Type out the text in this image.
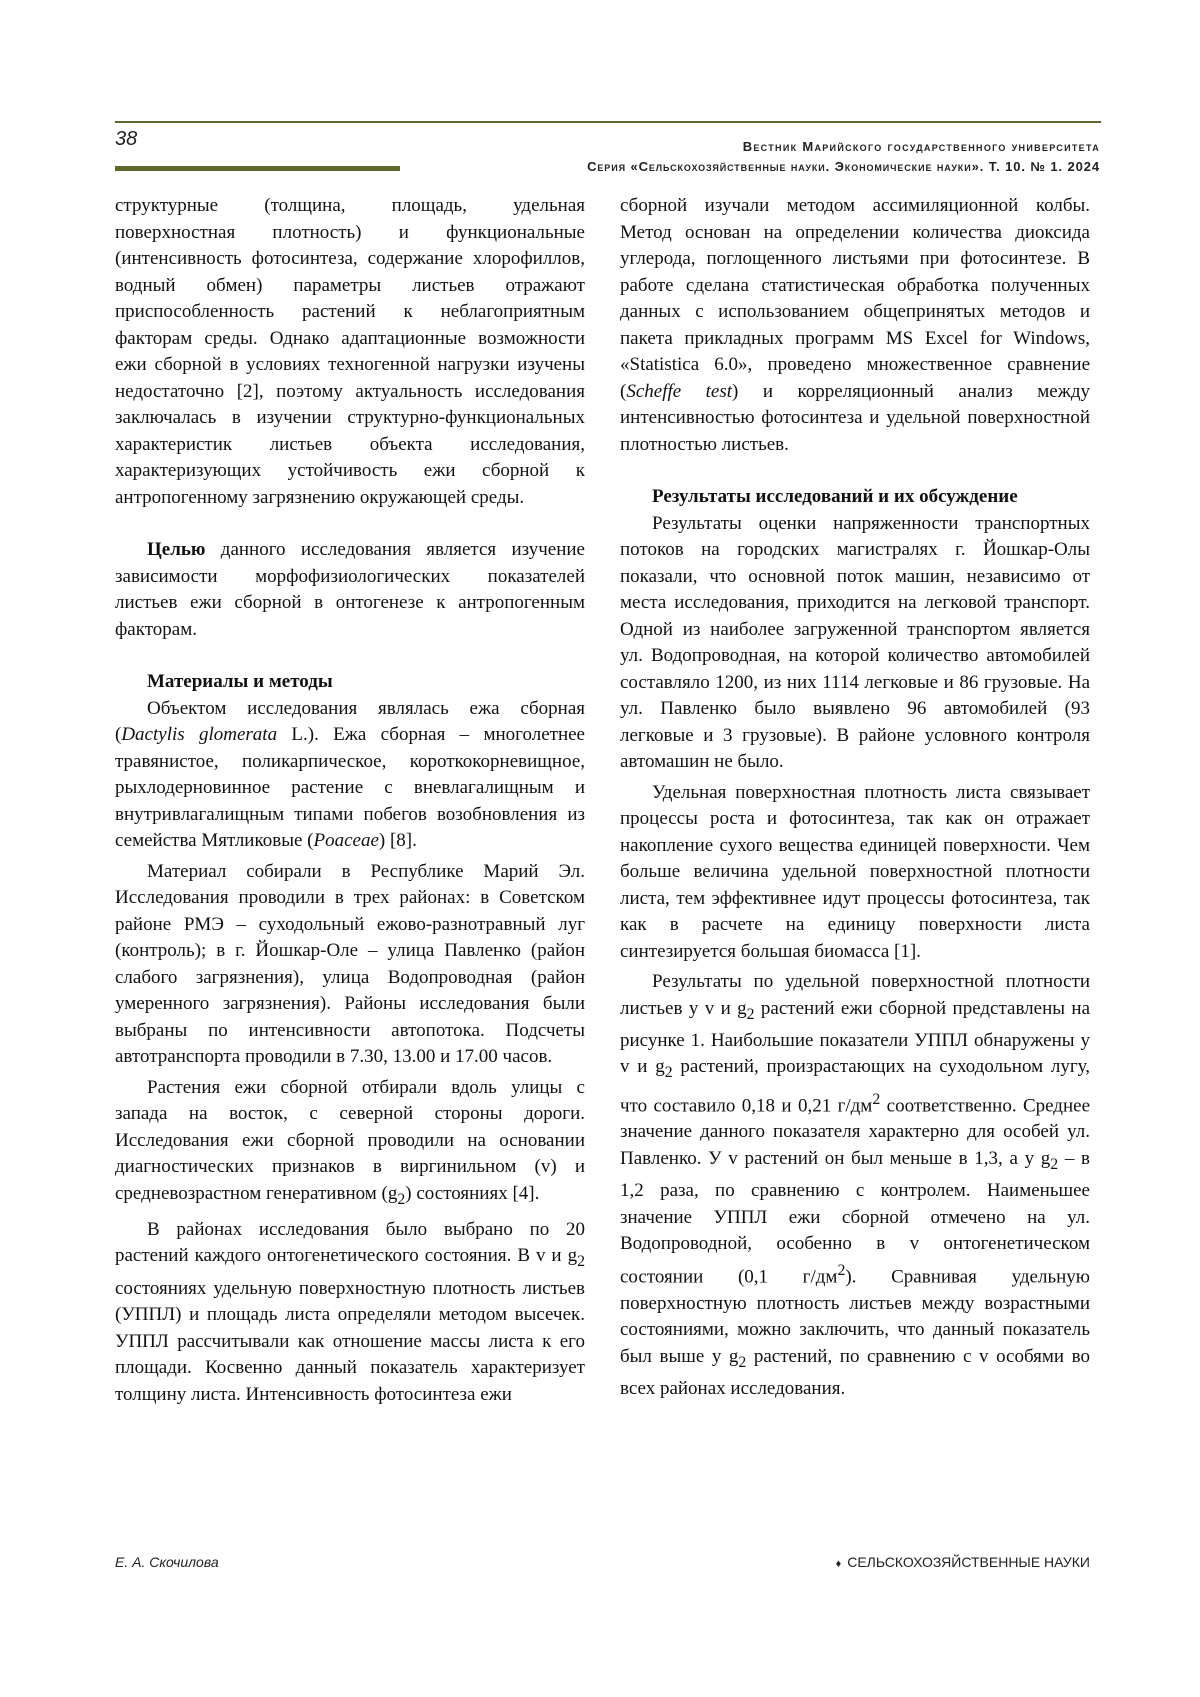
38	Вестник Марийского государственного университета
Серия «Сельскохозяйственные науки. Экономические науки». Т. 10. № 1. 2024

структурные (толщина, площадь, удельная поверхностная плотность) и функциональные (интенсивность фотосинтеза, содержание хлорофиллов, водный обмен) параметры листьев отражают приспособленность растений к неблагоприятным факторам среды. Однако адаптационные возможности ежи сборной в условиях техногенной нагрузки изучены недостаточно [2], поэтому актуальность исследования заключалась в изучении структурно-функциональных характеристик листьев объекта исследования, характеризующих устойчивость ежи сборной к антропогенному загрязнению окружающей среды.

Целью данного исследования является изучение зависимости морфофизиологических показателей листьев ежи сборной в онтогенезе к антропогенным факторам.

Материалы и методы

Объектом исследования являлась ежа сборная (Dactylis glomerata L.). Ежа сборная – многолетнее травянистое, поликарпическое, короткокорневищное, рыхлодерновинное растение с вневлагалищным и внутривлагалищным типами побегов возобновления из семейства Мятликовые (Poaceae) [8].

Материал собирали в Республике Марий Эл. Исследования проводили в трех районах: в Советском районе РМЭ – суходольный ежово-разнотравный луг (контроль); в г. Йошкар-Оле – улица Павленко (район слабого загрязнения), улица Водопроводная (район умеренного загрязнения). Районы исследования были выбраны по интенсивности автопотока. Подсчеты автотранспорта проводили в 7.30, 13.00 и 17.00 часов.

Растения ежи сборной отбирали вдоль улицы с запада на восток, с северной стороны дороги. Исследования ежи сборной проводили на основании диагностических признаков в виргинильном (v) и средневозрастном генеративном $(g_2)$ состояниях [4].

В районах исследования было выбрано по 20 растений каждого онтогенетического состояния. В v и $g_2$ состояниях удельную поверхностную плотность листьев (УППЛ) и площадь листа определяли методом высечек. УППЛ рассчитывали как отношение массы листа к его площади. Косвенно данный показатель характеризует толщину листа. Интенсивность фотосинтеза ежи

сборной изучали методом ассимиляционной колбы. Метод основан на определении количества диоксида углерода, поглощенного листьями при фотосинтезе. В работе сделана статистическая обработка полученных данных с использованием общепринятых методов и пакета прикладных программ MS Excel for Windows, «Statistica 6.0», проведено множественное сравнение (Scheffe test) и корреляционный анализ между интенсивностью фотосинтеза и удельной поверхностной плотностью листьев.

Результаты исследований и их обсуждение

Результаты оценки напряженности транспортных потоков на городских магистралях г. Йошкар-Олы показали, что основной поток машин, независимо от места исследования, приходится на легковой транспорт. Одной из наиболее загруженной транспортом является ул. Водопроводная, на которой количество автомобилей составляло 1200, из них 1114 легковые и 86 грузовые. На ул. Павленко было выявлено 96 автомобилей (93 легковые и 3 грузовые). В районе условного контроля автомашин не было.

Удельная поверхностная плотность листа связывает процессы роста и фотосинтеза, так как он отражает накопление сухого вещества единицей поверхности. Чем больше величина удельной поверхностной плотности листа, тем эффективнее идут процессы фотосинтеза, так как в расчете на единицу поверхности листа синтезируется большая биомасса [1].

Результаты по удельной поверхностной плотности листьев у v и $g_2$ растений ежи сборной представлены на рисунке 1. Наибольшие показатели УППЛ обнаружены у v и $g_2$ растений, произрастающих на суходольном лугу, что составило 0,18 и 0,21 $г/дм^2$ соответственно. Среднее значение данного показателя характерно для особей ул. Павленко. У v растений он был меньше в 1,3, а у $g_2$ – в 1,2 раза, по сравнению с контролем. Наименьшее значение УППЛ ежи сборной отмечено на ул. Водопроводной, особенно в v онтогенетическом состоянии (0,1 $г/дм^2$). Сравнивая удельную поверхностную плотность листьев между возрастными состояниями, можно заключить, что данный показатель был выше у $g_2$ растений, по сравнению с v особями во всех районах исследования.

Е. А. Скочилова	♦ СЕЛЬСКОХОЗЯЙСТВЕННЫЕ НАУКИ
